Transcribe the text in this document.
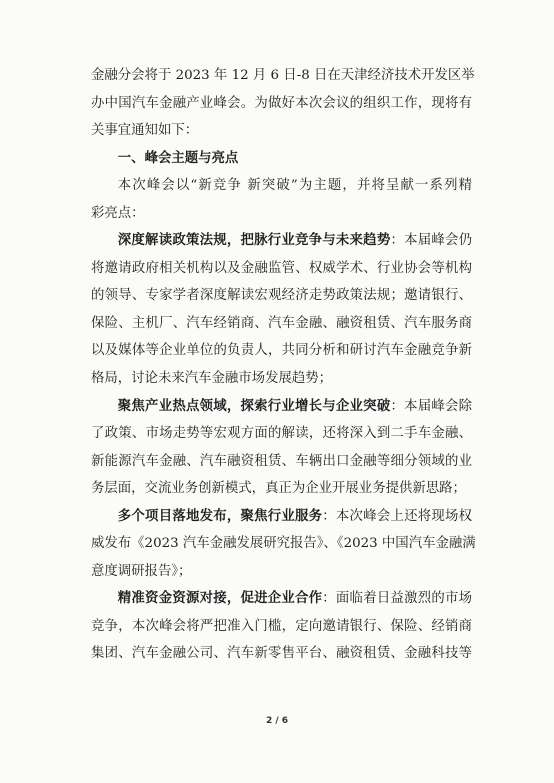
金融分会将于 2023 年 12 月 6 日-8 日在天津经济技术开发区举

办中国汽车金融产业峰会。为做好本次会议的组织工作，现将有

关事宜通知如下：

一、峰会主题与亮点

本次峰会以“新竞争 新突破”为主题，并将呈献一系列精

彩亮点：

深度解读政策法规，把脉行业竞争与未来趋势：本届峰会仍

将邀请政府相关机构以及金融监管、权威学术、行业协会等机构

的领导、专家学者深度解读宏观经济走势政策法规；邀请银行、

保险、主机厂、汽车经销商、汽车金融、融资租赁、汽车服务商

以及媒体等企业单位的负责人，共同分析和研讨汽车金融竞争新

格局，讨论未来汽车金融市场发展趋势；

聚焦产业热点领域，探索行业增长与企业突破：本届峰会除

了政策、市场走势等宏观方面的解读，还将深入到二手车金融、

新能源汽车金融、汽车融资租赁、车辆出口金融等细分领域的业

务层面，交流业务创新模式，真正为企业开展业务提供新思路；

多个项目落地发布，聚焦行业服务：本次峰会上还将现场权

威发布《2023 汽车金融发展研究报告》、《2023 中国汽车金融满

意度调研报告》；

精准资金资源对接，促进企业合作：面临着日益激烈的市场

竞争，本次峰会将严把准入门槛，定向邀请银行、保险、经销商

集团、汽车金融公司、汽车新零售平台、融资租赁、金融科技等

2 / 6
